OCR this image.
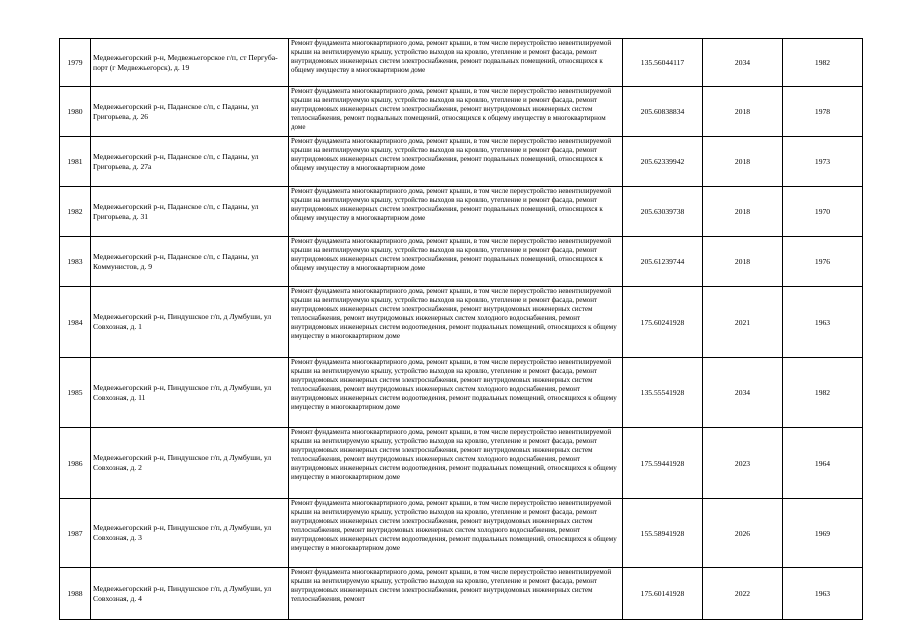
1979	Медвежьегорский р-н, Медвежьегорское г/п, ст Пергуба-порт (г Медвежьегорск), д. 19	Ремонт фундамента многоквартирного дома, ремонт крыши, в том числе переустройство невентилируемой крыши на вентилируемую крышу, устройство выходов на кровлю, утепление и ремонт фасада, ремонт внутридомовых инженерных систем электроснабжения, ремонт подвальных помещений, относящихся к общему имуществу в многоквартирном доме	135.56044117	2034	1982
1980	Медвежьегорский р-н, Паданское с/п, с Паданы, ул Григорьева, д. 26	Ремонт фундамента многоквартирного дома, ремонт крыши, в том числе переустройство невентилируемой крыши на вентилируемую крышу, устройство выходов на кровлю, утепление и ремонт фасада, ремонт внутридомовых инженерных систем электроснабжения, ремонт внутридомовых инженерных систем теплоснабжения, ремонт подвальных помещений, относящихся к общему имуществу в многоквартирном доме	205.60838834	2018	1978
1981	Медвежьегорский р-н, Паданское с/п, с Паданы, ул Григорьева, д. 27а	Ремонт фундамента многоквартирного дома, ремонт крыши, в том числе переустройство невентилируемой крыши на вентилируемую крышу, устройство выходов на кровлю, утепление и ремонт фасада, ремонт внутридомовых инженерных систем электроснабжения, ремонт подвальных помещений, относящихся к общему имуществу в многоквартирном доме	205.62339942	2018	1973
1982	Медвежьегорский р-н, Паданское с/п, с Паданы, ул Григорьева, д. 31	Ремонт фундамента многоквартирного дома, ремонт крыши, в том числе переустройство невентилируемой крыши на вентилируемую крышу, устройство выходов на кровлю, утепление и ремонт фасада, ремонт внутридомовых инженерных систем электроснабжения, ремонт подвальных помещений, относящихся к общему имуществу в многоквартирном доме	205.63039738	2018	1970
1983	Медвежьегорский р-н, Паданское с/п, с Паданы, ул Коммунистов, д. 9	Ремонт фундамента многоквартирного дома, ремонт крыши, в том числе переустройство невентилируемой крыши на вентилируемую крышу, устройство выходов на кровлю, утепление и ремонт фасада, ремонт внутридомовых инженерных систем электроснабжения, ремонт подвальных помещений, относящихся к общему имуществу в многоквартирном доме	205.61239744	2018	1976
1984	Медвежьегорский р-н, Пиндушское г/п, д Лумбуши, ул Совхозная, д. 1	Ремонт фундамента многоквартирного дома, ремонт крыши, в том числе переустройство невентилируемой крыши на вентилируемую крышу, устройство выходов на кровлю, утепление и ремонт фасада, ремонт внутридомовых инженерных систем электроснабжения, ремонт внутридомовых инженерных систем теплоснабжения, ремонт внутридомовых инженерных систем холодного водоснабжения, ремонт внутридомовых инженерных систем водоотведения, ремонт подвальных помещений, относящихся к общему имуществу в многоквартирном доме	175.60241928	2021	1963
1985	Медвежьегорский р-н, Пиндушское г/п, д Лумбуши, ул Совхозная, д. 11	Ремонт фундамента многоквартирного дома, ремонт крыши, в том числе переустройство невентилируемой крыши на вентилируемую крышу, устройство выходов на кровлю, утепление и ремонт фасада, ремонт внутридомовых инженерных систем электроснабжения, ремонт внутридомовых инженерных систем теплоснабжения, ремонт внутридомовых инженерных систем холодного водоснабжения, ремонт внутридомовых инженерных систем водоотведения, ремонт подвальных помещений, относящихся к общему имуществу в многоквартирном доме	135.55541928	2034	1982
1986	Медвежьегорский р-н, Пиндушское г/п, д Лумбуши, ул Совхозная, д. 2	Ремонт фундамента многоквартирного дома, ремонт крыши, в том числе переустройство невентилируемой крыши на вентилируемую крышу, устройство выходов на кровлю, утепление и ремонт фасада, ремонт внутридомовых инженерных систем электроснабжения, ремонт внутридомовых инженерных систем теплоснабжения, ремонт внутридомовых инженерных систем холодного водоснабжения, ремонт внутридомовых инженерных систем водоотведения, ремонт подвальных помещений, относящихся к общему имуществу в многоквартирном доме	175.59441928	2023	1964
1987	Медвежьегорский р-н, Пиндушское г/п, д Лумбуши, ул Совхозная, д. 3	Ремонт фундамента многоквартирного дома, ремонт крыши, в том числе переустройство невентилируемой крыши на вентилируемую крышу, устройство выходов на кровлю, утепление и ремонт фасада, ремонт внутридомовых инженерных систем электроснабжения, ремонт внутридомовых инженерных систем теплоснабжения, ремонт внутридомовых инженерных систем холодного водоснабжения, ремонт внутридомовых инженерных систем водоотведения, ремонт подвальных помещений, относящихся к общему имуществу в многоквартирном доме	155.58941928	2026	1969
1988	Медвежьегорский р-н, Пиндушское г/п, д Лумбуши, ул Совхозная, д. 4	Ремонт фундамента многоквартирного дома, ремонт крыши, в том числе переустройство невентилируемой крыши на вентилируемую крышу, устройство выходов на кровлю, утепление и ремонт фасада, ремонт внутридомовых инженерных систем электроснабжения, ремонт внутридомовых инженерных систем теплоснабжения, ремонт	175.60141928	2022	1963
